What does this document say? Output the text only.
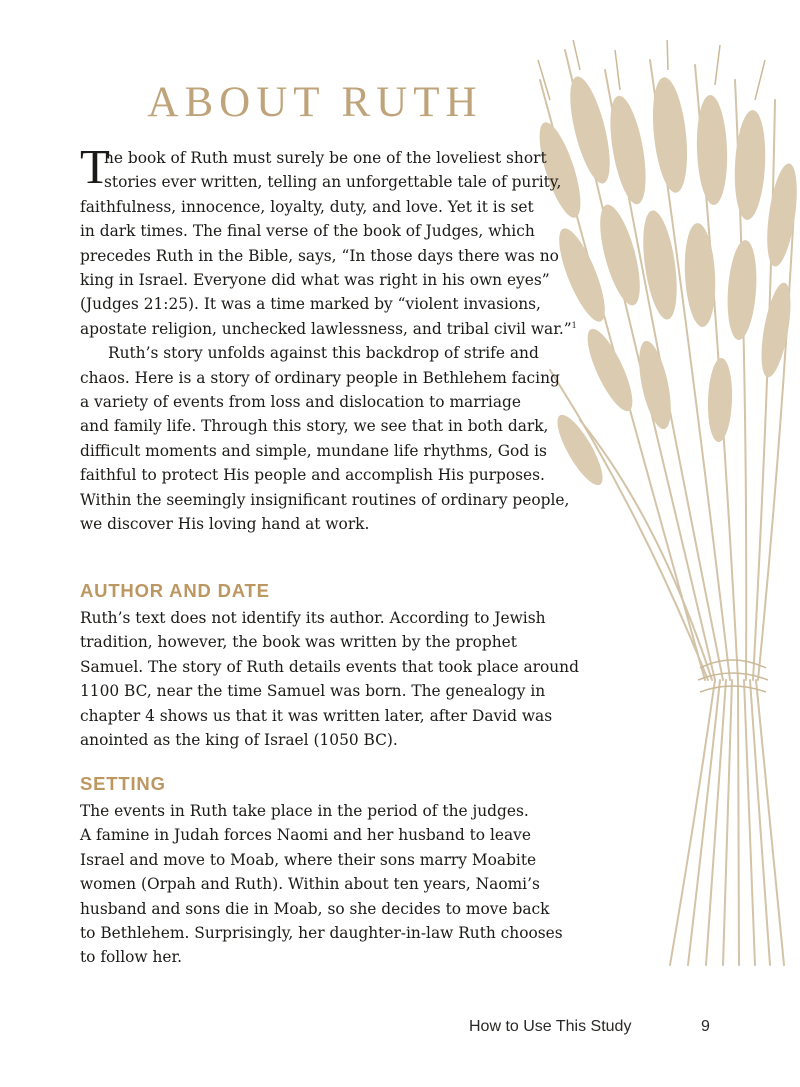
ABOUT RUTH
T
he book of Ruth must surely be one of the loveliest short
stories ever written, telling an unforgettable tale of purity,
faithfulness, innocence, loyalty, duty, and love. Yet it is set
in dark times. The final verse of the book of Judges, which
precedes Ruth in the Bible, says, “In those days there was no
king in Israel. Everyone did what was right in his own eyes”
(Judges 21:25). It was a time marked by “violent invasions,
apostate religion, unchecked lawlessness, and tribal civil war.”$^1$
Ruth’s story unfolds against this backdrop of strife and
chaos. Here is a story of ordinary people in Bethlehem facing
a variety of events from loss and dislocation to marriage
and family life. Through this story, we see that in both dark,
difficult moments and simple, mundane life rhythms, God is
faithful to protect His people and accomplish His purposes.
Within the seemingly insignificant routines of ordinary people,
we discover His loving hand at work.
AUTHOR AND DATE
Ruth’s text does not identify its author. According to Jewish
tradition, however, the book was written by the prophet
Samuel. The story of Ruth details events that took place around
1100 BC, near the time Samuel was born. The genealogy in
chapter 4 shows us that it was written later, after David was
anointed as the king of Israel (1050 BC).
SETTING
The events in Ruth take place in the period of the judges.
A famine in Judah forces Naomi and her husband to leave
Israel and move to Moab, where their sons marry Moabite
women (Orpah and Ruth). Within about ten years, Naomi’s
husband and sons die in Moab, so she decides to move back
to Bethlehem. Surprisingly, her daughter-in-law Ruth chooses
to follow her.
How to Use This Study	9
